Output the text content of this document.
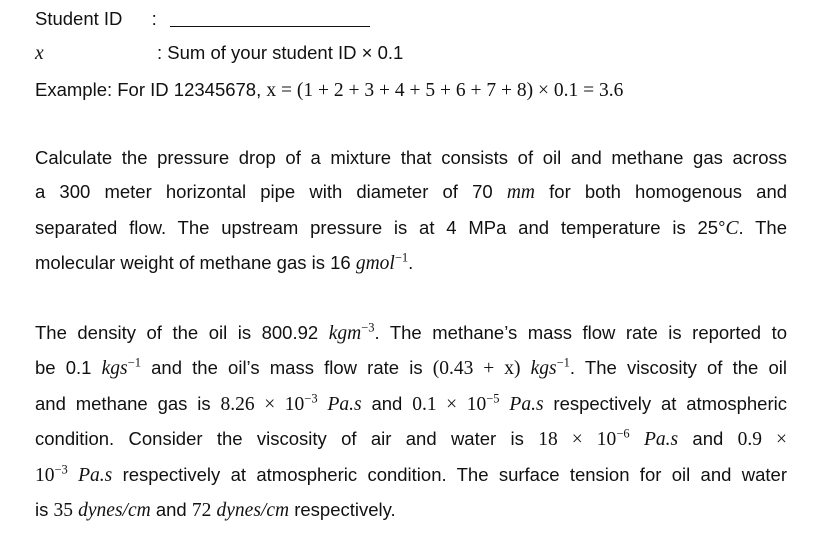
Student ID :
x	: Sum of your student ID × 0.1
Example: For ID 12345678, x = (1 + 2 + 3 + 4 + 5 + 6 + 7 + 8) × 0.1 = 3.6
Calculate the pressure drop of a mixture that consists of oil and methane gas across
a 300 meter horizontal pipe with diameter of 70 mm for both homogenous and
separated flow. The upstream pressure is at 4 MPa and temperature is 25°C. The
molecular weight of methane gas is 16 gmol$^{-1}$.
The density of the oil is 800.92 kgm$^{-3}$. The methane’s mass flow rate is reported to
be 0.1 kgs$^{-1}$ and the oil’s mass flow rate is (0.43 + x) kgs$^{-1}$. The viscosity of the oil
and methane gas is $8.26 \times 10^{-3}$ Pa.s and $0.1 \times 10^{-5}$ Pa.s respectively at atmospheric
condition. Consider the viscosity of air and water is $18 \times 10^{-6}$ Pa.s and 0.9 ×
$10^{-3}$ Pa.s respectively at atmospheric condition. The surface tension for oil and water
is 35 dynes/cm and 72 dynes/cm respectively.
